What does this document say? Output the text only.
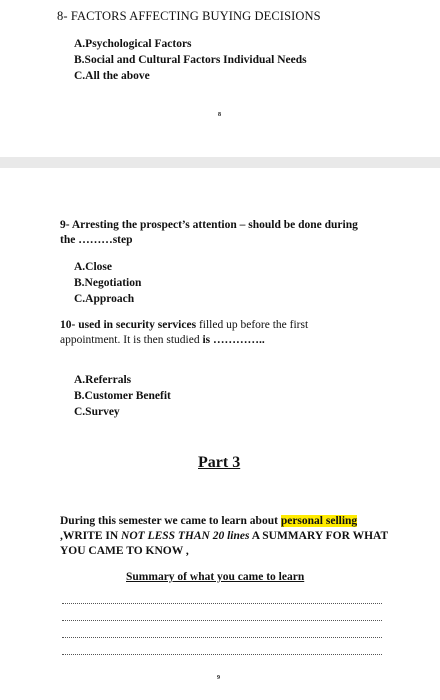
8- FACTORS AFFECTING BUYING DECISIONS
A.Psychological Factors
B.Social and Cultural Factors Individual Needs
C.All the above
8
9- Arresting the prospect’s attention – should be done during the ………step
A.Close
B.Negotiation
C.Approach
10- used in security services filled up before the first appointment. It is then studied is …………..
A.Referrals
B.Customer Benefit
C.Survey
Part 3
During this semester we came to learn about personal selling ,WRITE IN NOT LESS THAN 20 lines A SUMMARY FOR WHAT YOU CAME TO KNOW ,
Summary of what you came to learn
9
